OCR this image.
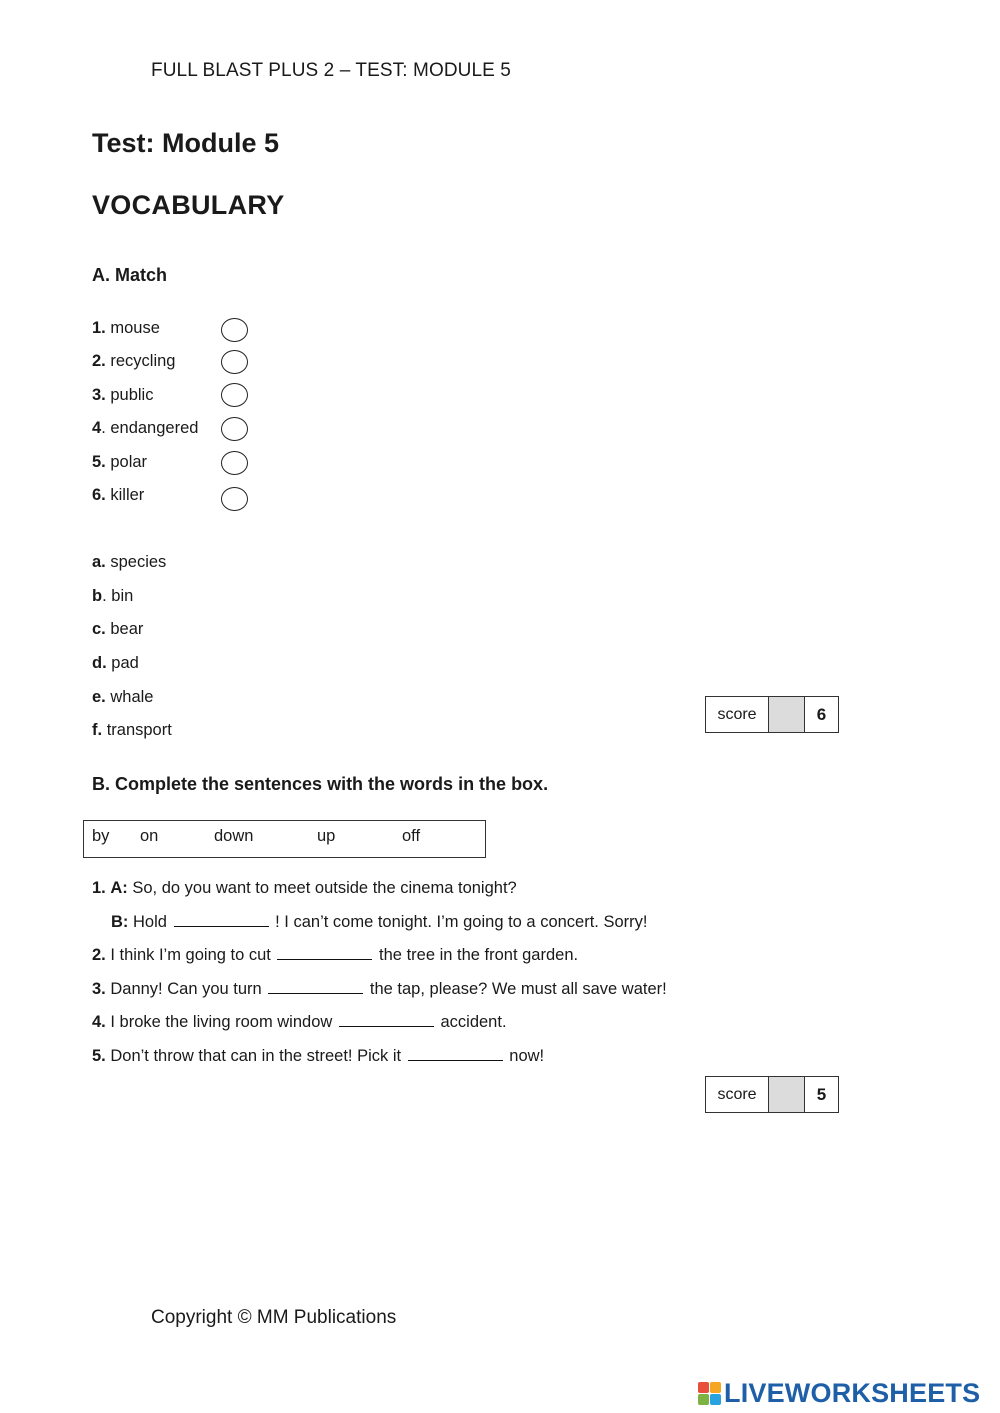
FULL BLAST PLUS 2 – TEST: MODULE 5
Test: Module 5
VOCABULARY
A. Match
1. mouse
2. recycling
3. public
4. endangered
5. polar
6. killer
a. species
b. bin
c. bear
d. pad
e. whale
f. transport
score	6
B. Complete the sentences with the words in the box.
by on	down	up	off
1. A: So, do you want to meet outside the cinema tonight?
B: Hold	! I can’t come tonight. I’m going to a concert. Sorry!
2. I think I’m going to cut	the tree in the front garden.
3. Danny! Can you turn	the tap, please? We must all save water!
4. I broke the living room window	accident.
5. Don’t throw that can in the street! Pick it	now!
score	5
Copyright © MM Publications
LIVEWORKSHEETS
